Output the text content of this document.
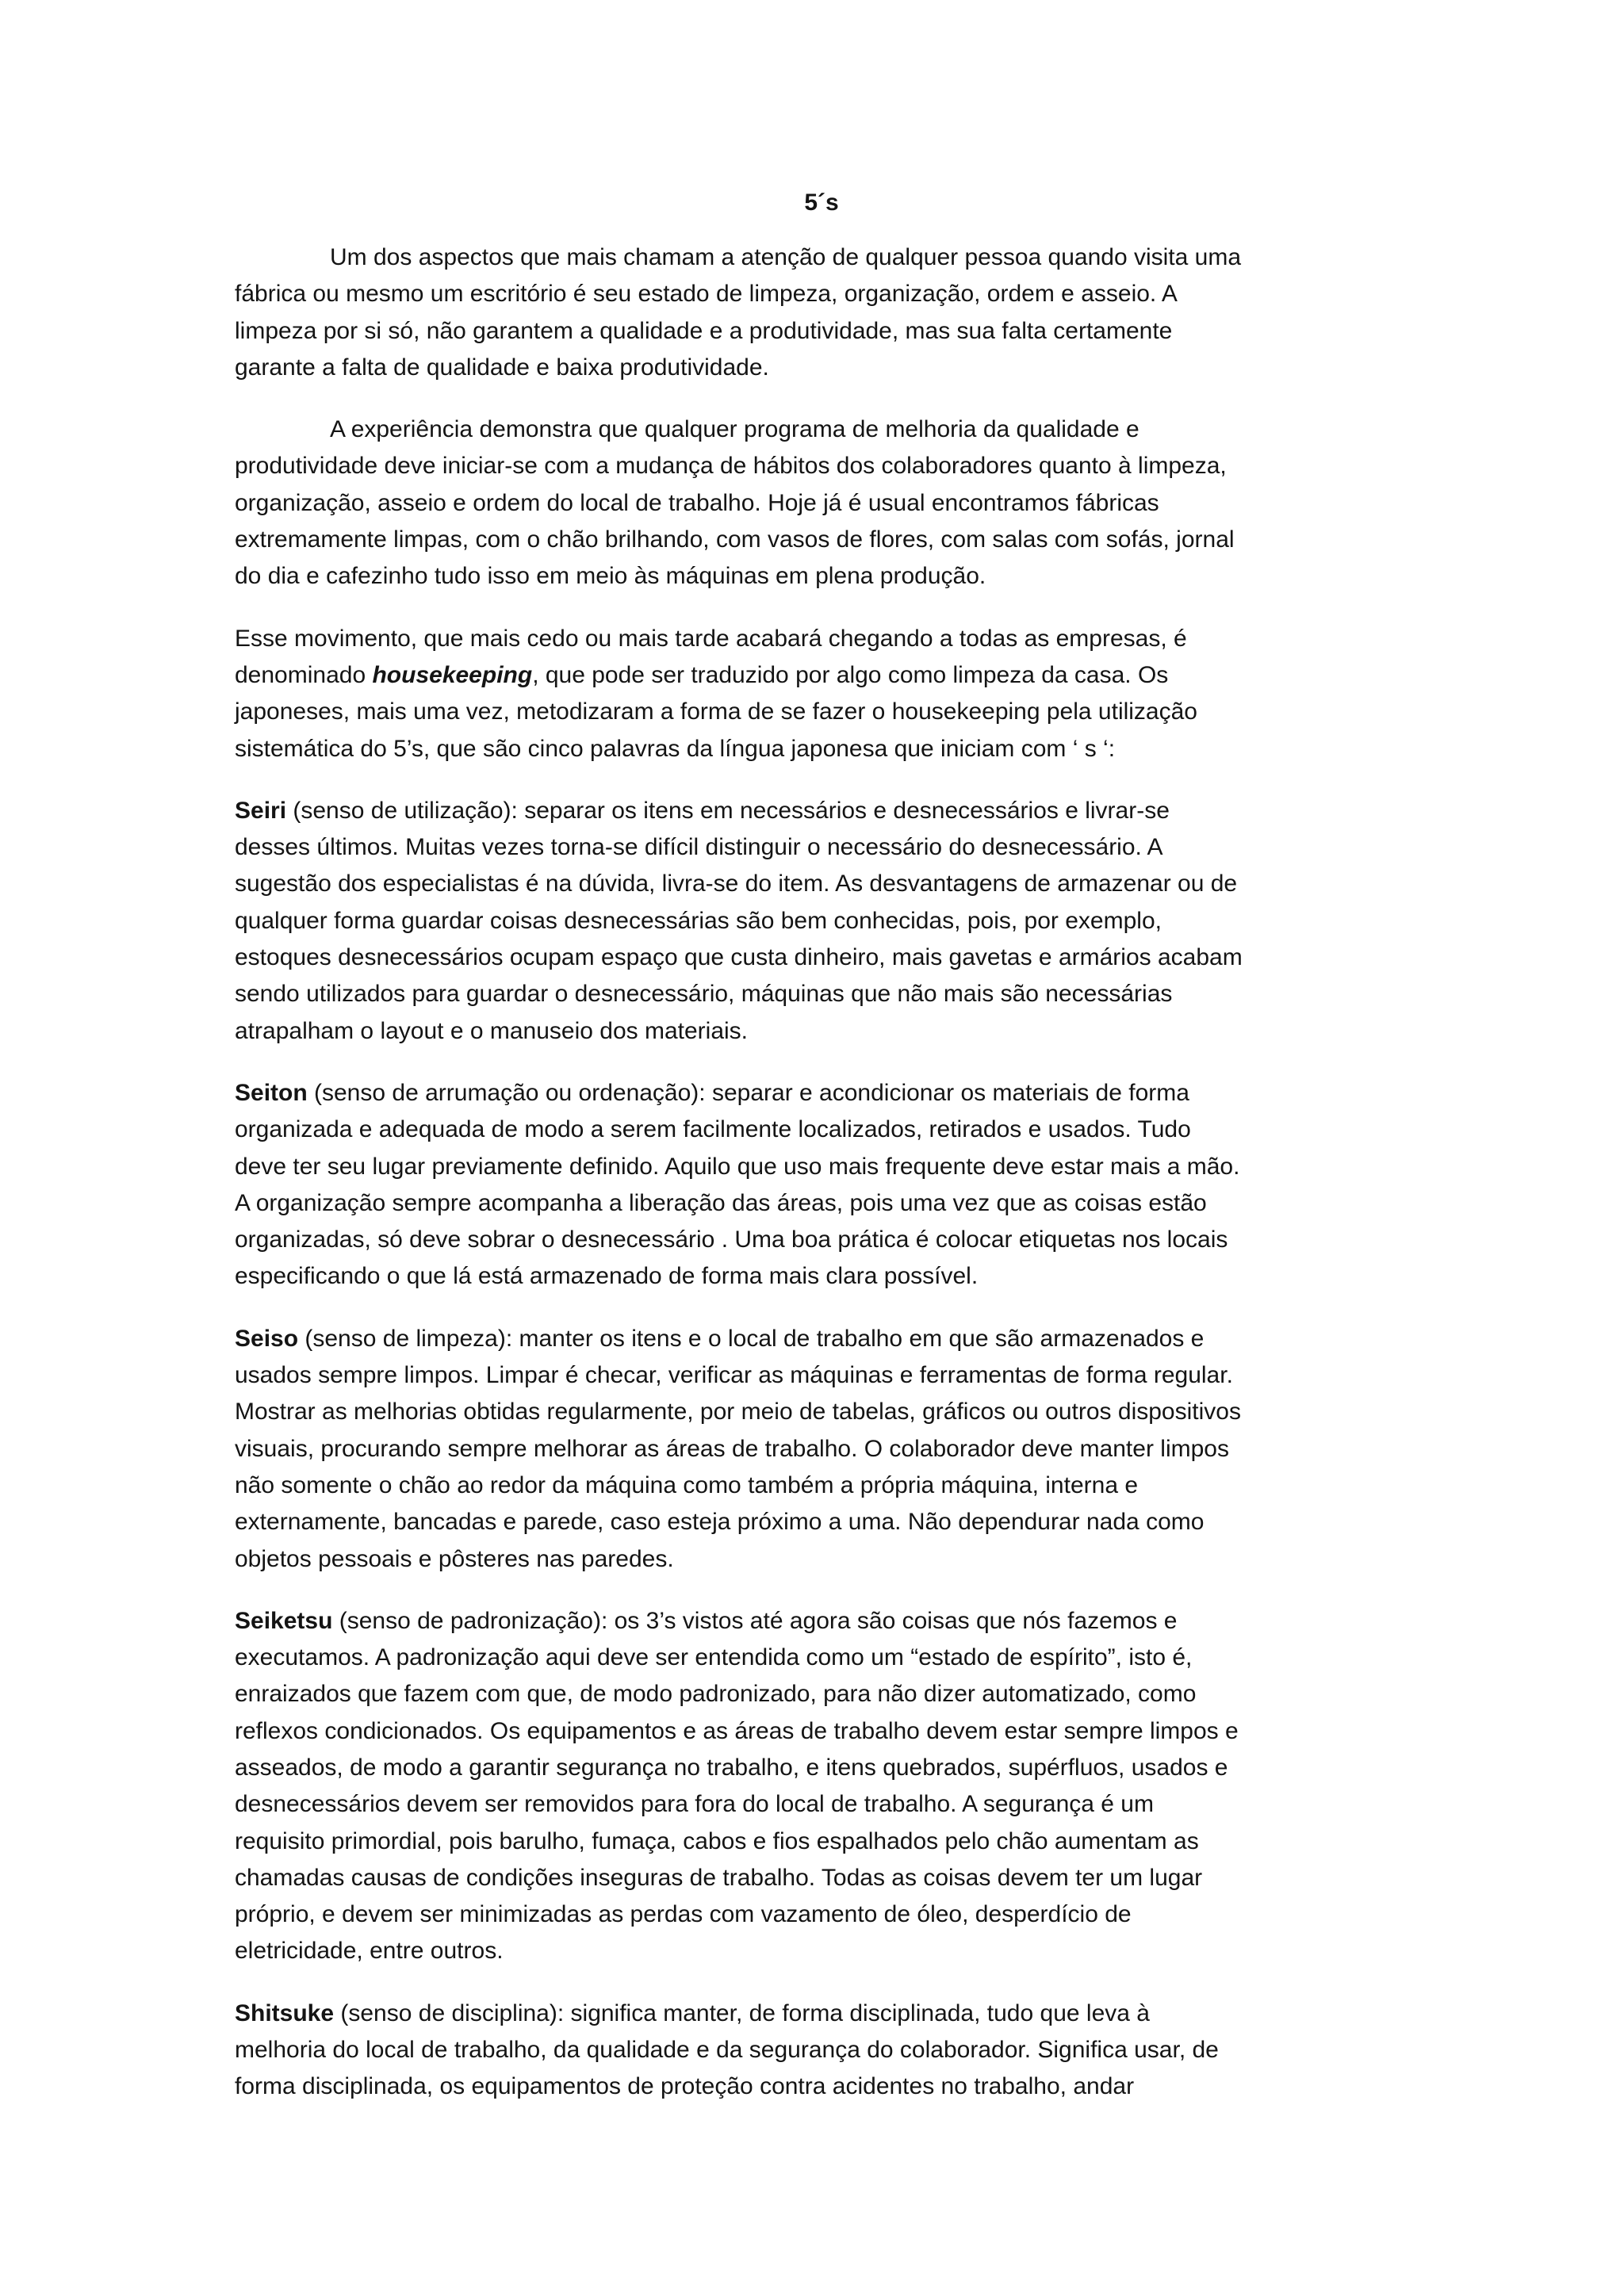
5´s
Um dos aspectos que mais chamam a atenção de qualquer pessoa quando visita uma
fábrica ou mesmo um escritório é seu estado de limpeza, organização, ordem e asseio. A
limpeza por si só, não garantem a qualidade e a produtividade, mas sua falta certamente
garante a falta de qualidade e baixa produtividade.
A experiência demonstra que qualquer programa de melhoria da qualidade e
produtividade deve iniciar-se com a mudança de hábitos dos colaboradores quanto à limpeza,
organização, asseio e ordem do local de trabalho. Hoje já é usual encontramos fábricas
extremamente limpas, com o chão brilhando, com vasos de flores, com salas com sofás, jornal
do dia e cafezinho tudo isso em meio às máquinas em plena produção.
Esse movimento, que mais cedo ou mais tarde acabará chegando a todas as empresas, é
denominado housekeeping, que pode ser traduzido por algo como limpeza da casa. Os
japoneses, mais uma vez, metodizaram a forma de se fazer o housekeeping pela utilização
sistemática do 5’s, que são cinco palavras da língua japonesa que iniciam com ‘ s ‘:
Seiri (senso de utilização): separar os itens em necessários e desnecessários e livrar-se
desses últimos. Muitas vezes torna-se difícil distinguir o necessário do desnecessário. A
sugestão dos especialistas é na dúvida, livra-se do item. As desvantagens de armazenar ou de
qualquer forma guardar coisas desnecessárias são bem conhecidas, pois, por exemplo,
estoques desnecessários ocupam espaço que custa dinheiro, mais gavetas e armários acabam
sendo utilizados para guardar o desnecessário, máquinas que não mais são necessárias
atrapalham o layout e o manuseio dos materiais.
Seiton (senso de arrumação ou ordenação): separar e acondicionar os materiais de forma
organizada e adequada de modo a serem facilmente localizados, retirados e usados. Tudo
deve ter seu lugar previamente definido. Aquilo que uso mais frequente deve estar mais a mão.
A organização sempre acompanha a liberação das áreas, pois uma vez que as coisas estão
organizadas, só deve sobrar o desnecessário . Uma boa prática é colocar etiquetas nos locais
especificando o que lá está armazenado de forma mais clara possível.
Seiso (senso de limpeza): manter os itens e o local de trabalho em que são armazenados e
usados sempre limpos. Limpar é checar, verificar as máquinas e ferramentas de forma regular.
Mostrar as melhorias obtidas regularmente, por meio de tabelas, gráficos ou outros dispositivos
visuais, procurando sempre melhorar as áreas de trabalho. O colaborador deve manter limpos
não somente o chão ao redor da máquina como também a própria máquina, interna e
externamente, bancadas e parede, caso esteja próximo a uma. Não dependurar nada como
objetos pessoais e pôsteres nas paredes.
Seiketsu (senso de padronização): os 3’s vistos até agora são coisas que nós fazemos e
executamos. A padronização aqui deve ser entendida como um “estado de espírito”, isto é,
enraizados que fazem com que, de modo padronizado, para não dizer automatizado, como
reflexos condicionados. Os equipamentos e as áreas de trabalho devem estar sempre limpos e
asseados, de modo a garantir segurança no trabalho, e itens quebrados, supérfluos, usados e
desnecessários devem ser removidos para fora do local de trabalho. A segurança é um
requisito primordial, pois barulho, fumaça, cabos e fios espalhados pelo chão aumentam as
chamadas causas de condições inseguras de trabalho. Todas as coisas devem ter um lugar
próprio, e devem ser minimizadas as perdas com vazamento de óleo, desperdício de
eletricidade, entre outros.
Shitsuke (senso de disciplina): significa manter, de forma disciplinada, tudo que leva à
melhoria do local de trabalho, da qualidade e da segurança do colaborador. Significa usar, de
forma disciplinada, os equipamentos de proteção contra acidentes no trabalho, andar
